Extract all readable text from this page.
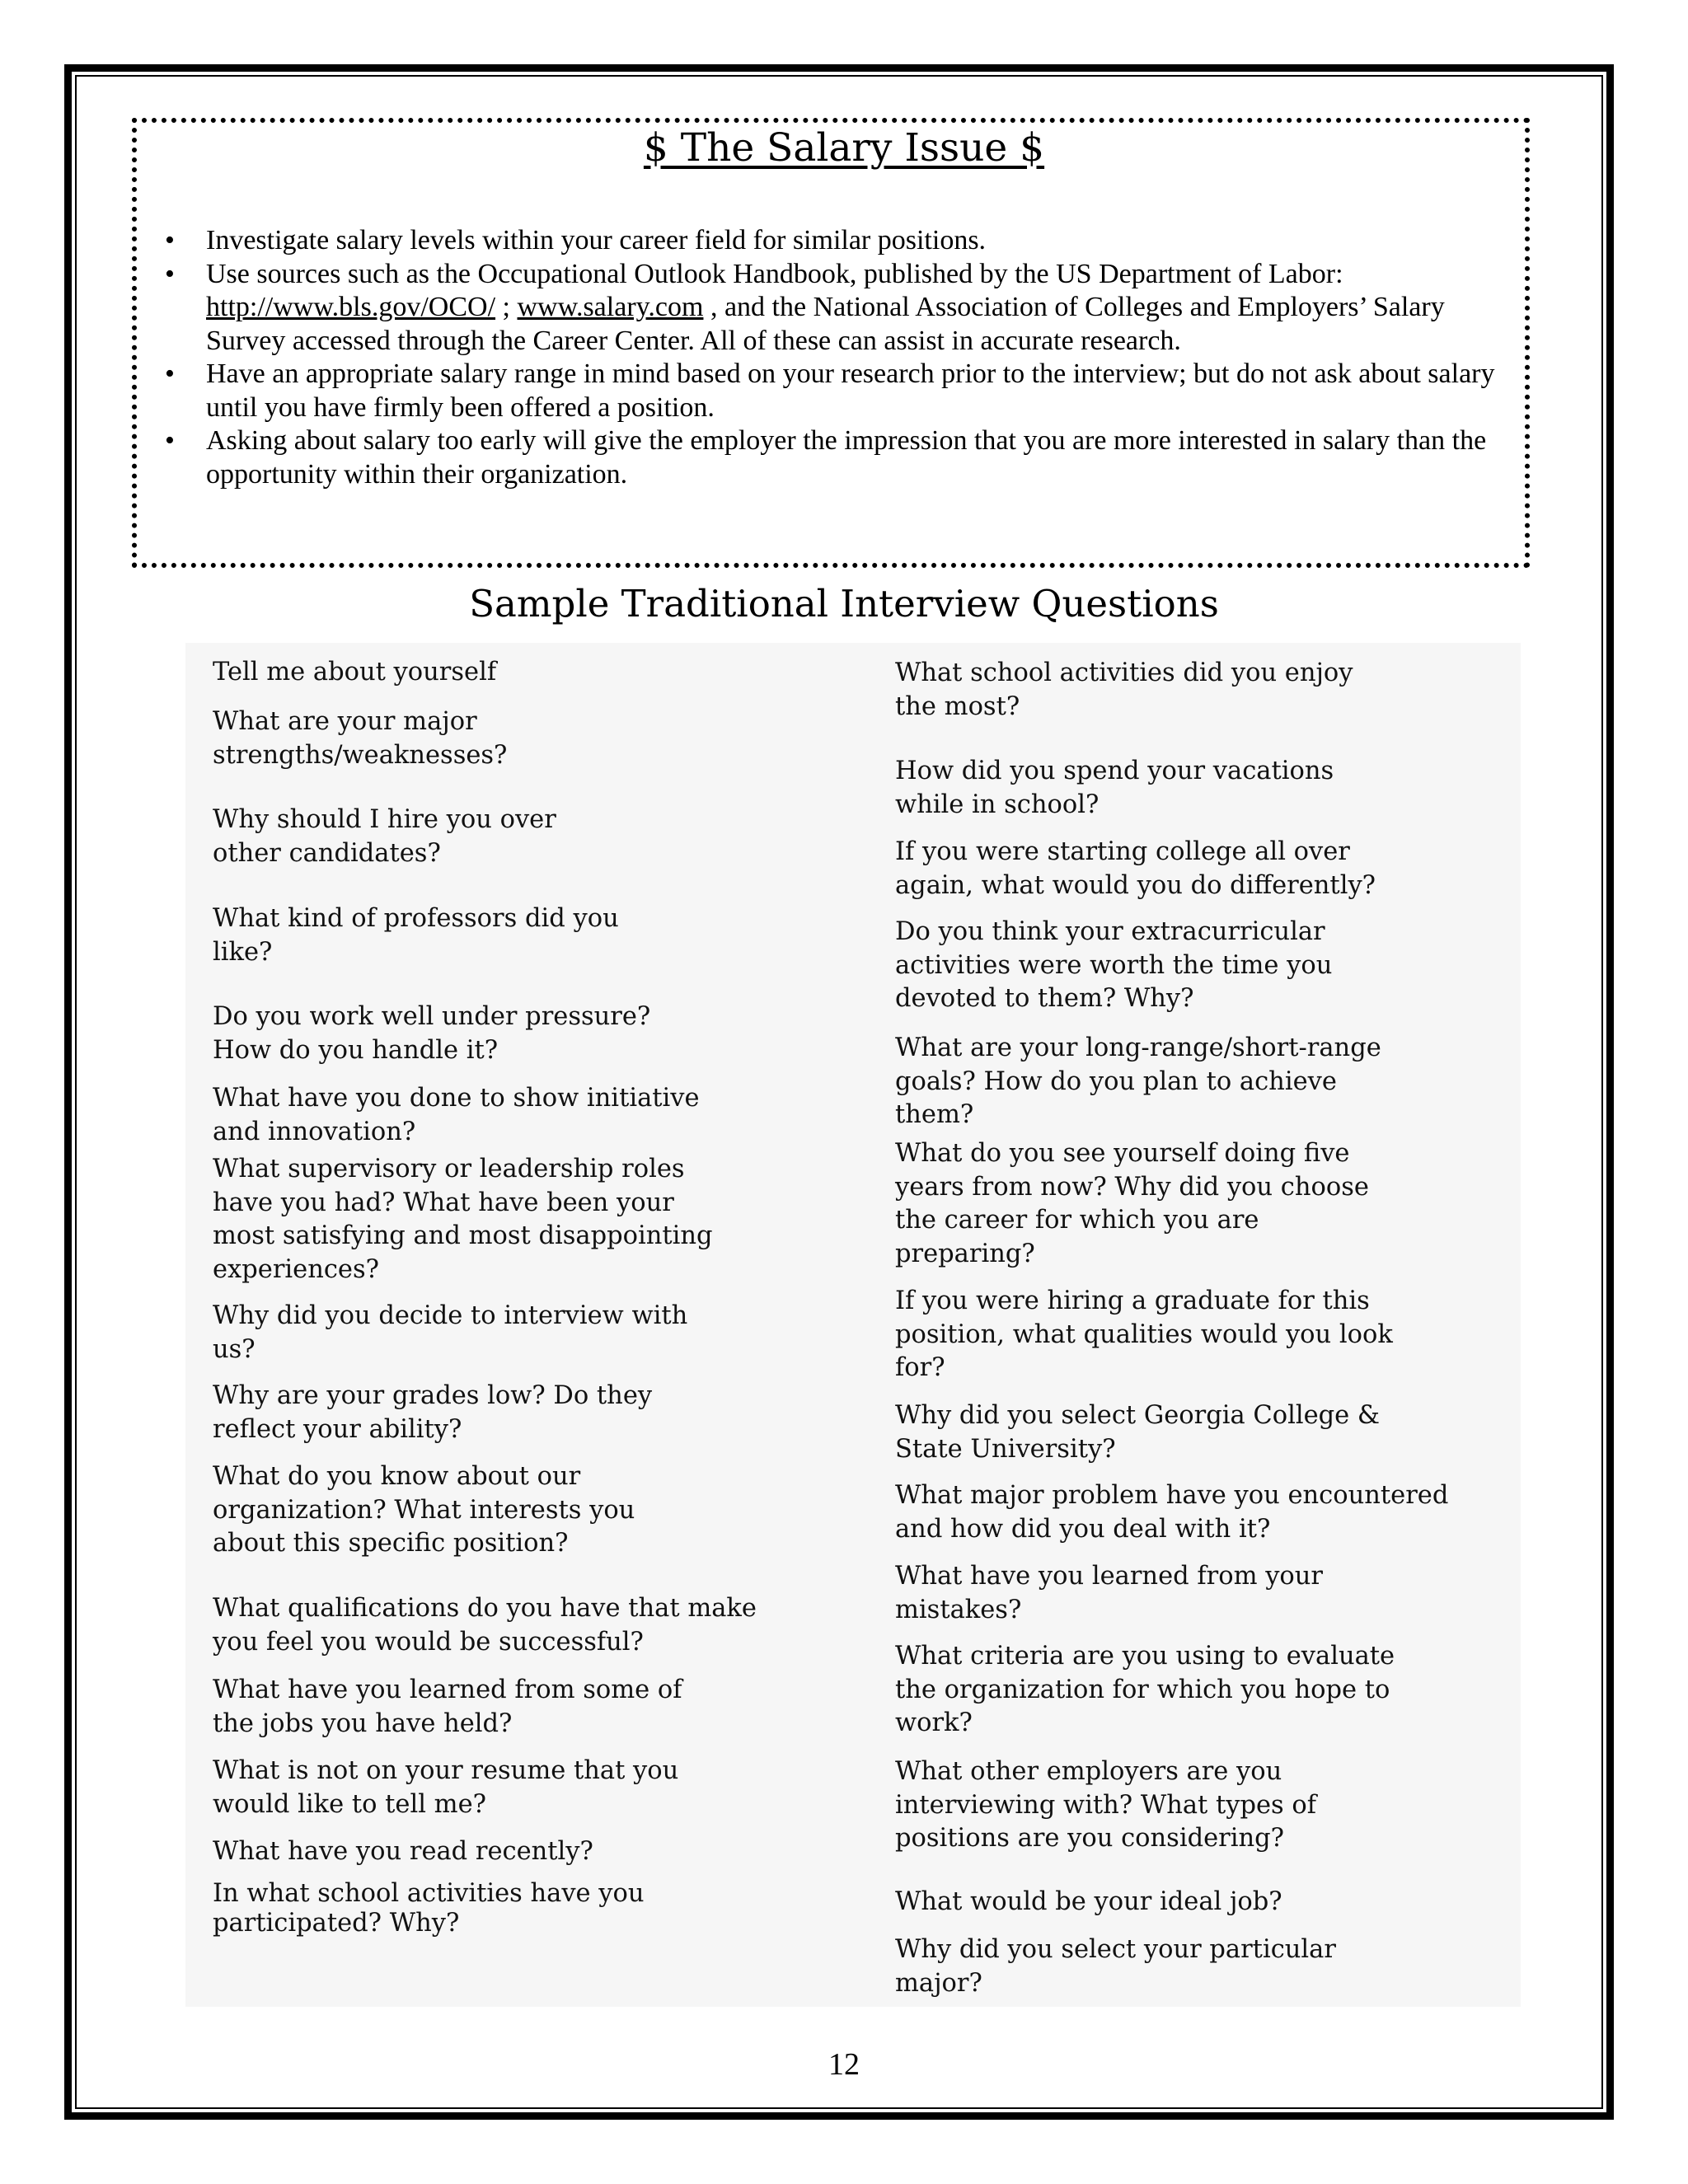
$ The Salary Issue $
• Investigate salary levels within your career field for similar positions.
• Use sources such as the Occupational Outlook Handbook, published by the US Department of Labor: http://www.bls.gov/OCO/ ; www.salary.com , and the National Association of Colleges and Employers’ Salary Survey accessed through the Career Center. All of these can assist in accurate research.
• Have an appropriate salary range in mind based on your research prior to the interview; but do not ask about salary until you have firmly been offered a position.
• Asking about salary too early will give the employer the impression that you are more interested in salary than the opportunity within their organization.
Sample Traditional Interview Questions

Tell me about yourself

What are your major
strengths/weaknesses?

Why should I hire you over
other candidates?

What kind of professors did you
like?

Do you work well under pressure?
How do you handle it?

What have you done to show initiative
and innovation?

What supervisory or leadership roles
have you had? What have been your
most satisfying and most disappointing
experiences?

Why did you decide to interview with
us?

Why are your grades low? Do they
reflect your ability?

What do you know about our
organization? What interests you
about this specific position?

What qualifications do you have that make
you feel you would be successful?

What have you learned from some of
the jobs you have held?

What is not on your resume that you
would like to tell me?

What have you read recently?

In what school activities have you
participated? Why?

What school activities did you enjoy
the most?

How did you spend your vacations
while in school?

If you were starting college all over
again, what would you do differently?

Do you think your extracurricular
activities were worth the time you
devoted to them? Why?

What are your long-range/short-range
goals? How do you plan to achieve
them?

What do you see yourself doing five
years from now? Why did you choose
the career for which you are
preparing?

If you were hiring a graduate for this
position, what qualities would you look
for?

Why did you select Georgia College &
State University?

What major problem have you encountered
and how did you deal with it?

What have you learned from your
mistakes?

What criteria are you using to evaluate
the organization for which you hope to
work?

What other employers are you
interviewing with? What types of
positions are you considering?

What would be your ideal job?

Why did you select your particular
major?

12
